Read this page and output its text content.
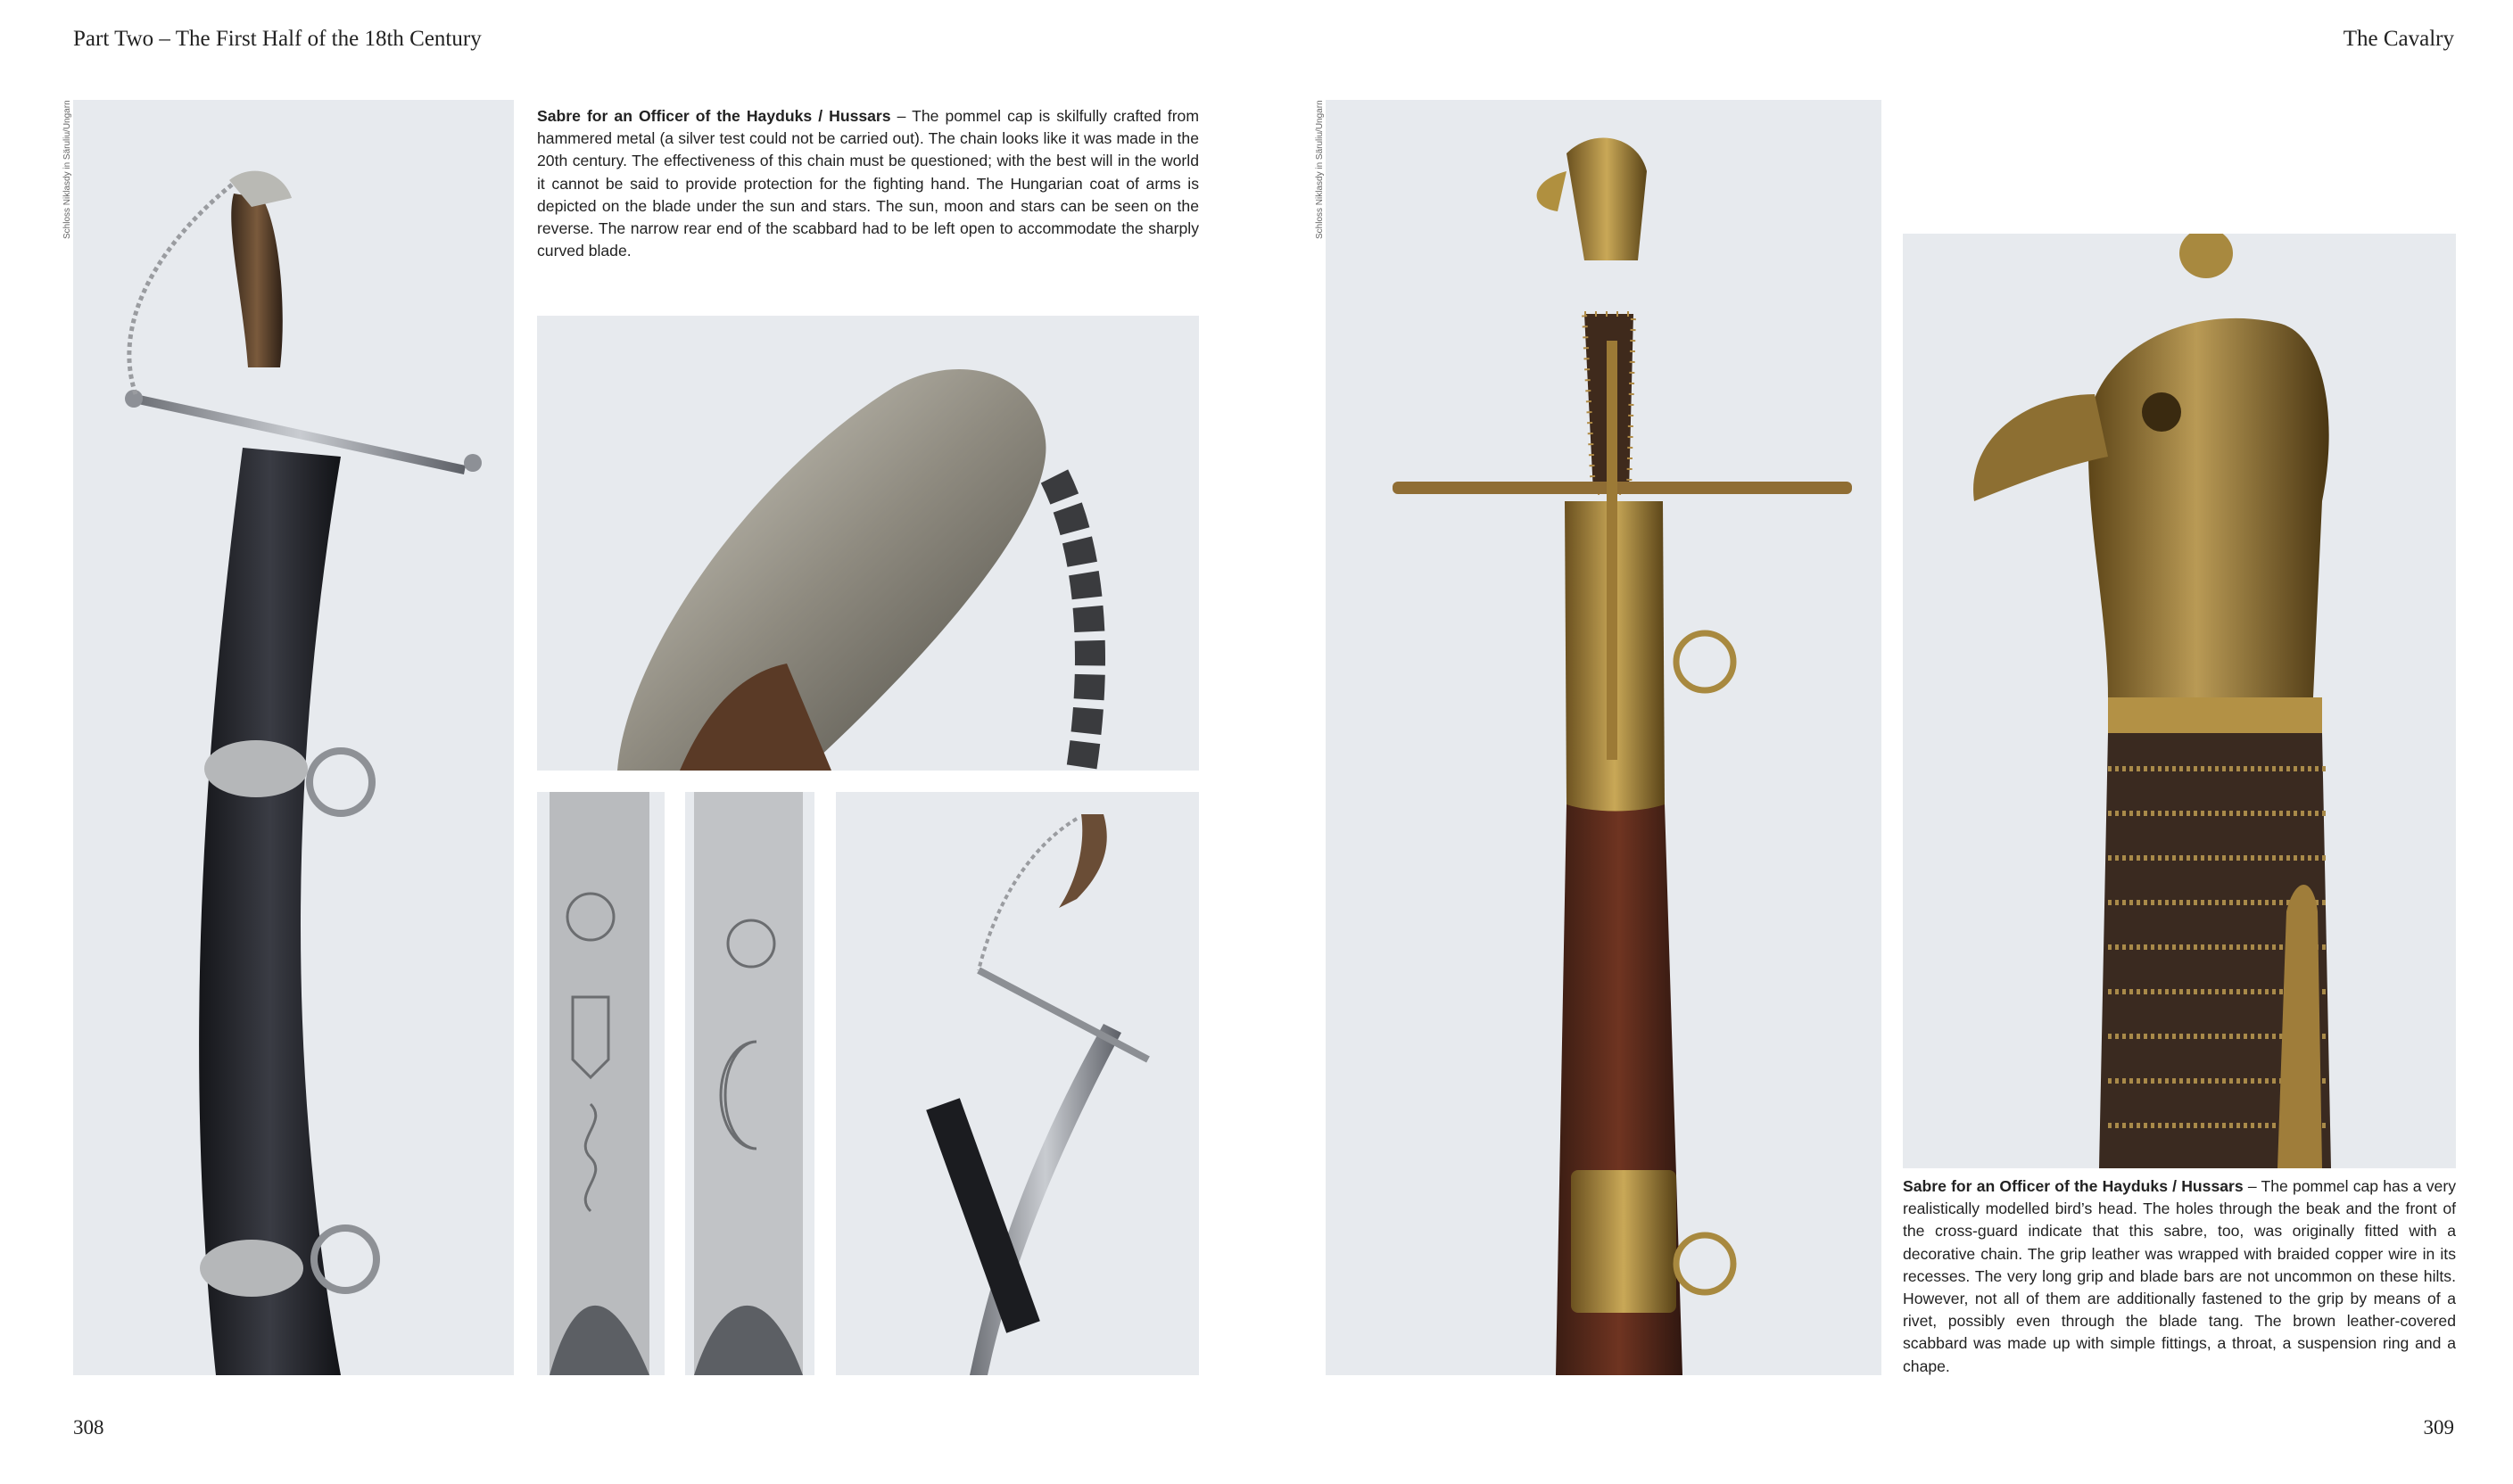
Part Two – The First Half of the 18th Century	The Cavalry
Schloss Niklasdy in Säruliu/Ungarn	Schloss Niklasdy in Säruliu/Ungarn
Sabre for an Officer of the Hayduks / Hussars – The pommel cap is skilfully crafted from hammered metal (a silver test could not be carried out). The chain looks like it was made in the 20th century. The effectiveness of this chain must be questioned; with the best will in the world it cannot be said to provide protection for the fighting hand. The Hungarian coat of arms is depicted on the blade under the sun and stars. The sun, moon and stars can be seen on the reverse. The narrow rear end of the scabbard had to be left open to accommodate the sharply curved blade.
Sabre for an Officer of the Hayduks / Hussars – The pommel cap has a very realistically modelled bird’s head. The holes through the beak and the front of the cross-guard indicate that this sabre, too, was originally fitted with a decorative chain. The grip leather was wrapped with braided copper wire in its recesses. The very long grip and blade bars are not uncommon on these hilts. However, not all of them are additionally fastened to the grip by means of a rivet, possibly even through the blade tang. The brown leather-covered scabbard was made up with simple fittings, a throat, a suspension ring and a chape.
308	309
